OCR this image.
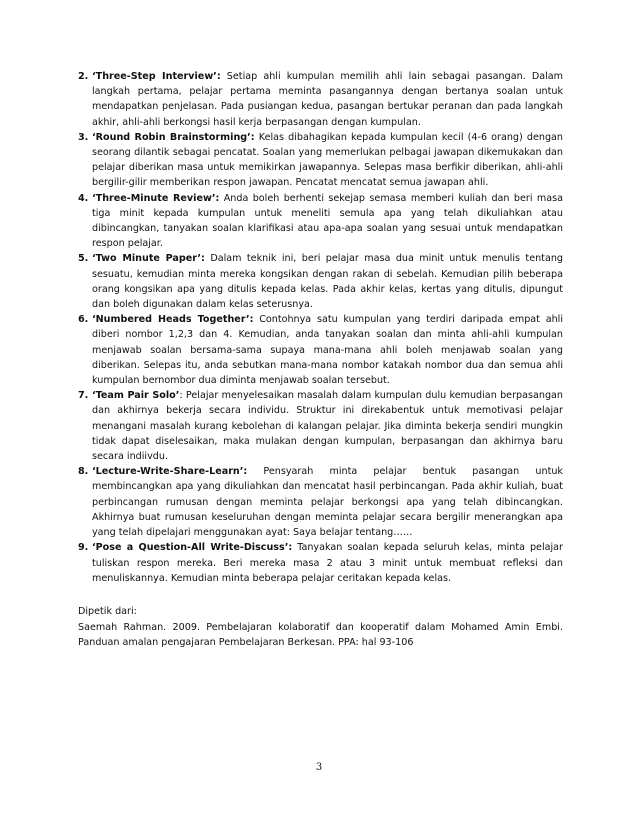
2. ‘Three-Step Interview’: Setiap ahli kumpulan memilih ahli lain sebagai pasangan. Dalam langkah pertama, pelajar pertama meminta pasangannya dengan bertanya soalan untuk mendapatkan penjelasan. Pada pusiangan kedua, pasangan bertukar peranan dan pada langkah akhir, ahli-ahli berkongsi hasil kerja berpasangan dengan kumpulan.
3. ‘Round Robin Brainstorming’: Kelas dibahagikan kepada kumpulan kecil (4-6 orang) dengan seorang dilantik sebagai pencatat. Soalan yang memerlukan pelbagai jawapan dikemukakan dan pelajar diberikan masa untuk memikirkan jawapannya. Selepas masa berfikir diberikan, ahli-ahli bergilir-gilir memberikan respon jawapan. Pencatat mencatat semua jawapan ahli.
4. ‘Three-Minute Review’: Anda boleh berhenti sekejap semasa memberi kuliah dan beri masa tiga minit kepada kumpulan untuk meneliti semula apa yang telah dikuliahkan atau dibincangkan, tanyakan soalan klarifikasi atau apa-apa soalan yang sesuai untuk mendapatkan respon pelajar.
5. ‘Two Minute Paper’: Dalam teknik ini, beri pelajar masa dua minit untuk menulis tentang sesuatu, kemudian minta mereka kongsikan dengan rakan di sebelah. Kemudian pilih beberapa orang kongsikan apa yang ditulis kepada kelas. Pada akhir kelas, kertas yang ditulis, dipungut dan boleh digunakan dalam kelas seterusnya.
6. ‘Numbered Heads Together’: Contohnya satu kumpulan yang terdiri daripada empat ahli diberi nombor 1,2,3 dan 4. Kemudian, anda tanyakan soalan dan minta ahli-ahli kumpulan menjawab soalan bersama-sama supaya mana-mana ahli boleh menjawab soalan yang diberikan. Selepas itu, anda sebutkan mana-mana nombor katakah nombor dua dan semua ahli kumpulan bernombor dua diminta menjawab soalan tersebut.
7. ‘Team Pair Solo’: Pelajar menyelesaikan masalah dalam kumpulan dulu kemudian berpasangan dan akhirnya bekerja secara individu. Struktur ini direkabentuk untuk memotivasi pelajar menangani masalah kurang kebolehan di kalangan pelajar. Jika diminta bekerja sendiri mungkin tidak dapat diselesaikan, maka mulakan dengan kumpulan, berpasangan dan akhirnya baru secara indiivdu.
8. ‘Lecture-Write-Share-Learn’: Pensyarah minta pelajar bentuk pasangan untuk membincangkan apa yang dikuliahkan dan mencatat hasil perbincangan. Pada akhir kuliah, buat perbincangan rumusan dengan meminta pelajar berkongsi apa yang telah dibincangkan. Akhirnya buat rumusan keseluruhan dengan meminta pelajar secara bergilir menerangkan apa yang telah dipelajari menggunakan ayat: Saya belajar tentang……
9. ‘Pose a Question-All Write-Discuss’: Tanyakan soalan kepada seluruh kelas, minta pelajar tuliskan respon mereka. Beri mereka masa 2 atau 3 minit untuk membuat refleksi dan menuliskannya. Kemudian minta beberapa pelajar ceritakan kepada kelas.

Dipetik dari:

Saemah Rahman. 2009. Pembelajaran kolaboratif dan kooperatif dalam Mohamed Amin Embi. Panduan amalan pengajaran Pembelajaran Berkesan. PPA: hal 93-106

3
